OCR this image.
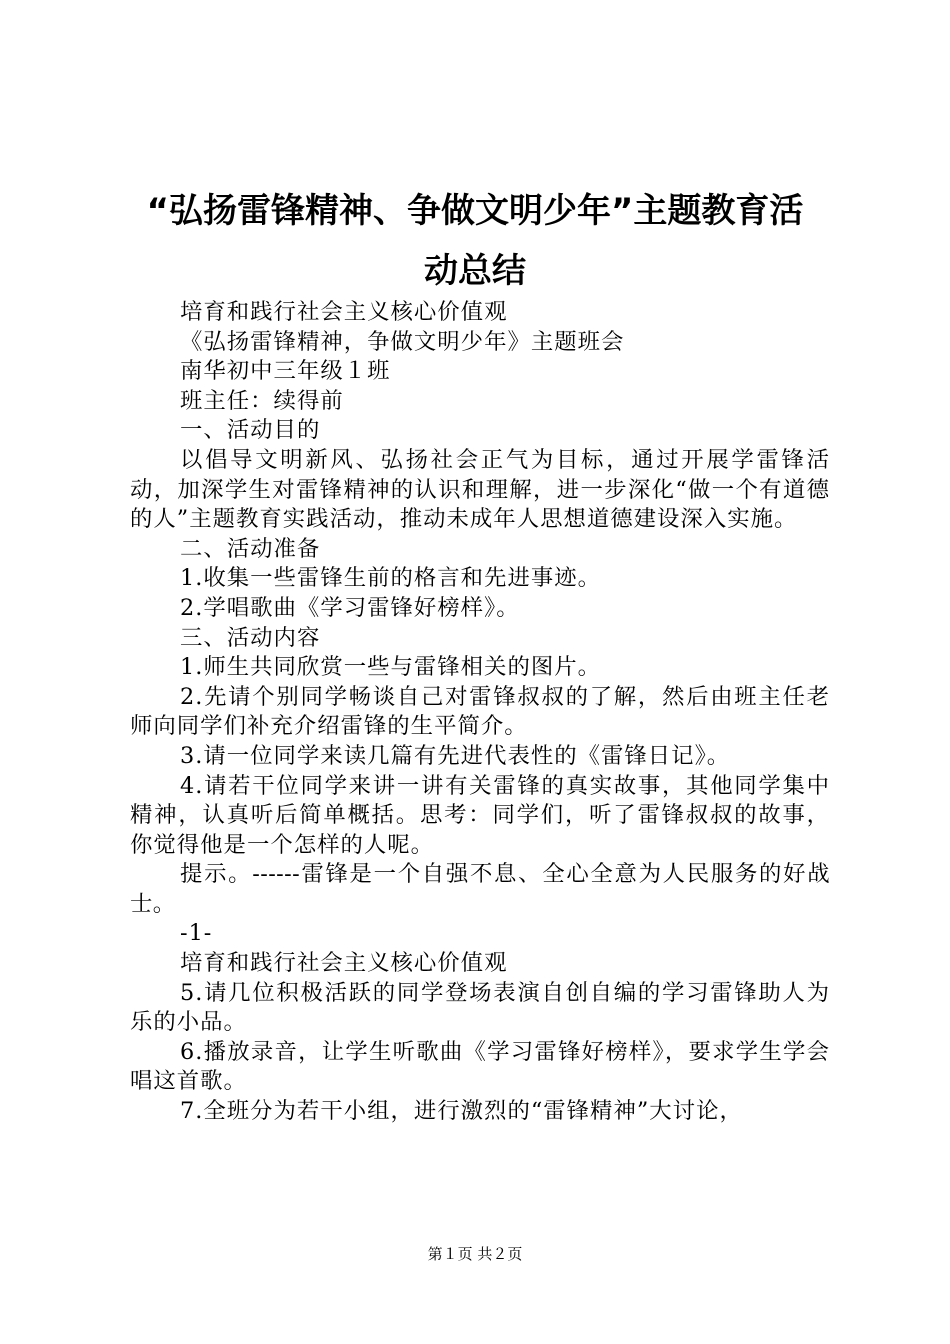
“弘扬雷锋精神、争做文明少年”主题教育活
动总结

培育和践行社会主义核心价值观

《弘扬雷锋精神，争做文明少年》主题班会

南华初中三年级１班

班主任：续得前

一、活动目的

以倡导文明新风、弘扬社会正气为目标，通过开展学雷锋活动，加深学生对雷锋精神的认识和理解，进一步深化“做一个有道德的人”主题教育实践活动，推动未成年人思想道德建设深入实施。

二、活动准备

1.收集一些雷锋生前的格言和先进事迹。

2.学唱歌曲《学习雷锋好榜样》。

三、活动内容

1.师生共同欣赏一些与雷锋相关的图片。

2.先请个别同学畅谈自己对雷锋叔叔的了解，然后由班主任老师向同学们补充介绍雷锋的生平简介。

3.请一位同学来读几篇有先进代表性的《雷锋日记》。

4.请若干位同学来讲一讲有关雷锋的真实故事，其他同学集中精神，认真听后简单概括。思考：同学们，听了雷锋叔叔的故事，你觉得他是一个怎样的人呢。

提示。------雷锋是一个自强不息、全心全意为人民服务的好战士。

-1-

培育和践行社会主义核心价值观

5.请几位积极活跃的同学登场表演自创自编的学习雷锋助人为乐的小品。

6.播放录音，让学生听歌曲《学习雷锋好榜样》，要求学生学会唱这首歌。

7.全班分为若干小组，进行激烈的“雷锋精神”大讨论，

第１页 共２页
